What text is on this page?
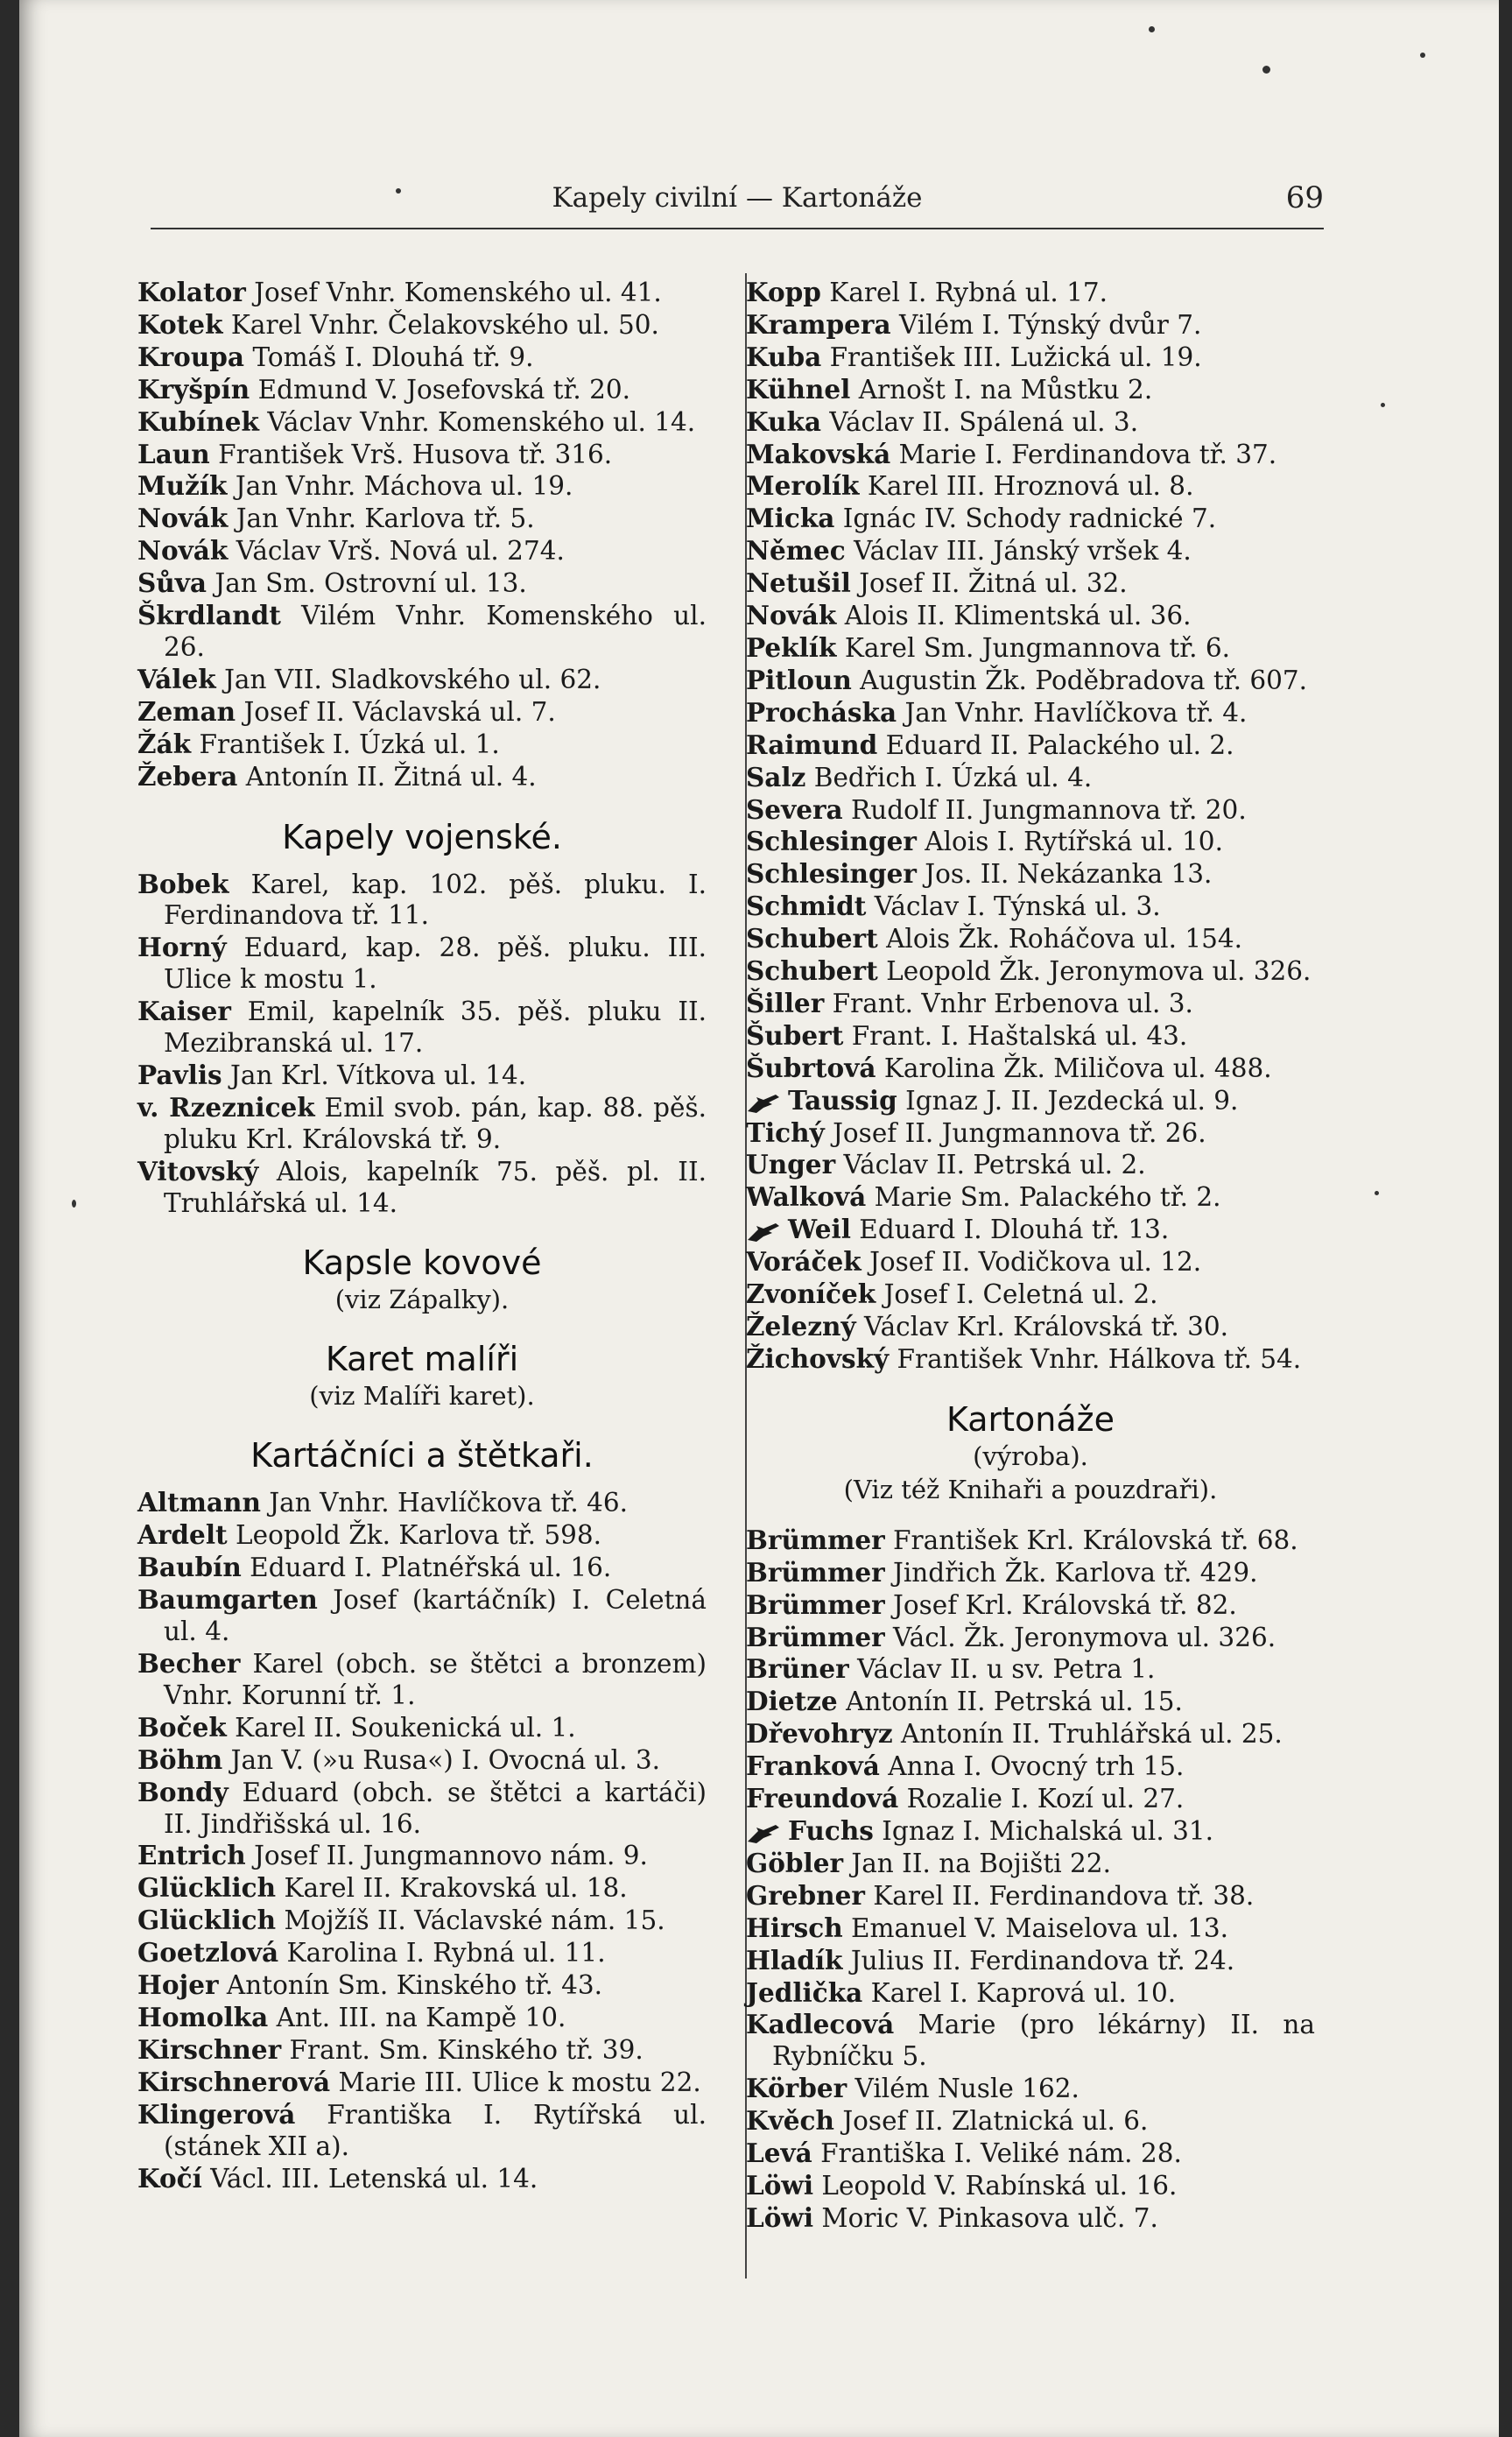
Kapely civilní — Kartonáže	69
Kolator Josef Vnhr. Komenského ul. 41.
Kotek Karel Vnhr. Čelakovského ul. 50.
Kroupa Tomáš I. Dlouhá tř. 9.
Kryšpín Edmund V. Josefovská tř. 20.
Kubínek Václav Vnhr. Komenského ul. 14.
Laun František Vrš. Husova tř. 316.
Mužík Jan Vnhr. Máchova ul. 19.
Novák Jan Vnhr. Karlova tř. 5.
Novák Václav Vrš. Nová ul. 274.
Sůva Jan Sm. Ostrovní ul. 13.
Škrdlandt Vilém Vnhr. Komenského ul. 26.
Válek Jan VII. Sladkovského ul. 62.
Zeman Josef II. Václavská ul. 7.
Žák František I. Úzká ul. 1.
Žebera Antonín II. Žitná ul. 4.
Kapely vojenské.
Bobek Karel, kap. 102. pěš. pluku. I. Ferdinandova tř. 11.
Horný Eduard, kap. 28. pěš. pluku. III. Ulice k mostu 1.
Kaiser Emil, kapelník 35. pěš. pluku II. Mezibranská ul. 17.
Pavlis Jan Krl. Vítkova ul. 14.
v. Rzeznicek Emil svob. pán, kap. 88. pěš. pluku Krl. Královská tř. 9.
Vitovský Alois, kapelník 75. pěš. pl. II. Truhlářská ul. 14.
Kapsle kovové
(viz Zápalky).
Karet malíři
(viz Malíři karet).
Kartáčníci a štětkaři.
Altmann Jan Vnhr. Havlíčkova tř. 46.
Ardelt Leopold Žk. Karlova tř. 598.
Baubín Eduard I. Platnéřská ul. 16.
Baumgarten Josef (kartáčník) I. Celetná ul. 4.
Becher Karel (obch. se štětci a bronzem) Vnhr. Korunní tř. 1.
Boček Karel II. Soukenická ul. 1.
Böhm Jan V. (»u Rusa«) I. Ovocná ul. 3.
Bondy Eduard (obch. se štětci a kartáči) II. Jindřišská ul. 16.
Entrich Josef II. Jungmannovo nám. 9.
Glücklich Karel II. Krakovská ul. 18.
Glücklich Mojžíš II. Václavské nám. 15.
Goetzlová Karolina I. Rybná ul. 11.
Hojer Antonín Sm. Kinského tř. 43.
Homolka Ant. III. na Kampě 10.
Kirschner Frant. Sm. Kinského tř. 39.
Kirschnerová Marie III. Ulice k mostu 22.
Klingerová Františka I. Rytířská ul. (stánek XII a).
Kočí Václ. III. Letenská ul. 14.
Kopp Karel I. Rybná ul. 17.
Krampera Vilém I. Týnský dvůr 7.
Kuba František III. Lužická ul. 19.
Kühnel Arnošt I. na Můstku 2.
Kuka Václav II. Spálená ul. 3.
Makovská Marie I. Ferdinandova tř. 37.
Merolík Karel III. Hroznová ul. 8.
Micka Ignác IV. Schody radnické 7.
Němec Václav III. Jánský vršek 4.
Netušil Josef II. Žitná ul. 32.
Novák Alois II. Klimentská ul. 36.
Peklík Karel Sm. Jungmannova tř. 6.
Pitloun Augustin Žk. Poděbradova tř. 607.
Procháska Jan Vnhr. Havlíčkova tř. 4.
Raimund Eduard II. Palackého ul. 2.
Salz Bedřich I. Úzká ul. 4.
Severa Rudolf II. Jungmannova tř. 20.
Schlesinger Alois I. Rytířská ul. 10.
Schlesinger Jos. II. Nekázanka 13.
Schmidt Václav I. Týnská ul. 3.
Schubert Alois Žk. Roháčova ul. 154.
Schubert Leopold Žk. Jeronymova ul. 326.
Šiller Frant. Vnhr Erbenova ul. 3.
Šubert Frant. I. Haštalská ul. 43.
Šubrtová Karolina Žk. Miličova ul. 488.
Taussig Ignaz J. II. Jezdecká ul. 9.
Tichý Josef II. Jungmannova tř. 26.
Unger Václav II. Petrská ul. 2.
Walková Marie Sm. Palackého tř. 2.
Weil Eduard I. Dlouhá tř. 13.
Voráček Josef II. Vodičkova ul. 12.
Zvoníček Josef I. Celetná ul. 2.
Železný Václav Krl. Královská tř. 30.
Žichovský František Vnhr. Hálkova tř. 54.
Kartonáže
(výroba).
(Viz též Knihaři a pouzdraři).
Brümmer František Krl. Královská tř. 68.
Brümmer Jindřich Žk. Karlova tř. 429.
Brümmer Josef Krl. Královská tř. 82.
Brümmer Václ. Žk. Jeronymova ul. 326.
Brüner Václav II. u sv. Petra 1.
Dietze Antonín II. Petrská ul. 15.
Dřevohryz Antonín II. Truhlářská ul. 25.
Franková Anna I. Ovocný trh 15.
Freundová Rozalie I. Kozí ul. 27.
Fuchs Ignaz I. Michalská ul. 31.
Göbler Jan II. na Bojišti 22.
Grebner Karel II. Ferdinandova tř. 38.
Hirsch Emanuel V. Maiselova ul. 13.
Hladík Julius II. Ferdinandova tř. 24.
Jedlička Karel I. Kaprová ul. 10.
Kadlecová Marie (pro lékárny) II. na Rybníčku 5.
Körber Vilém Nusle 162.
Kvěch Josef II. Zlatnická ul. 6.
Levá Františka I. Veliké nám. 28.
Löwi Leopold V. Rabínská ul. 16.
Löwi Moric V. Pinkasova ulč. 7.
